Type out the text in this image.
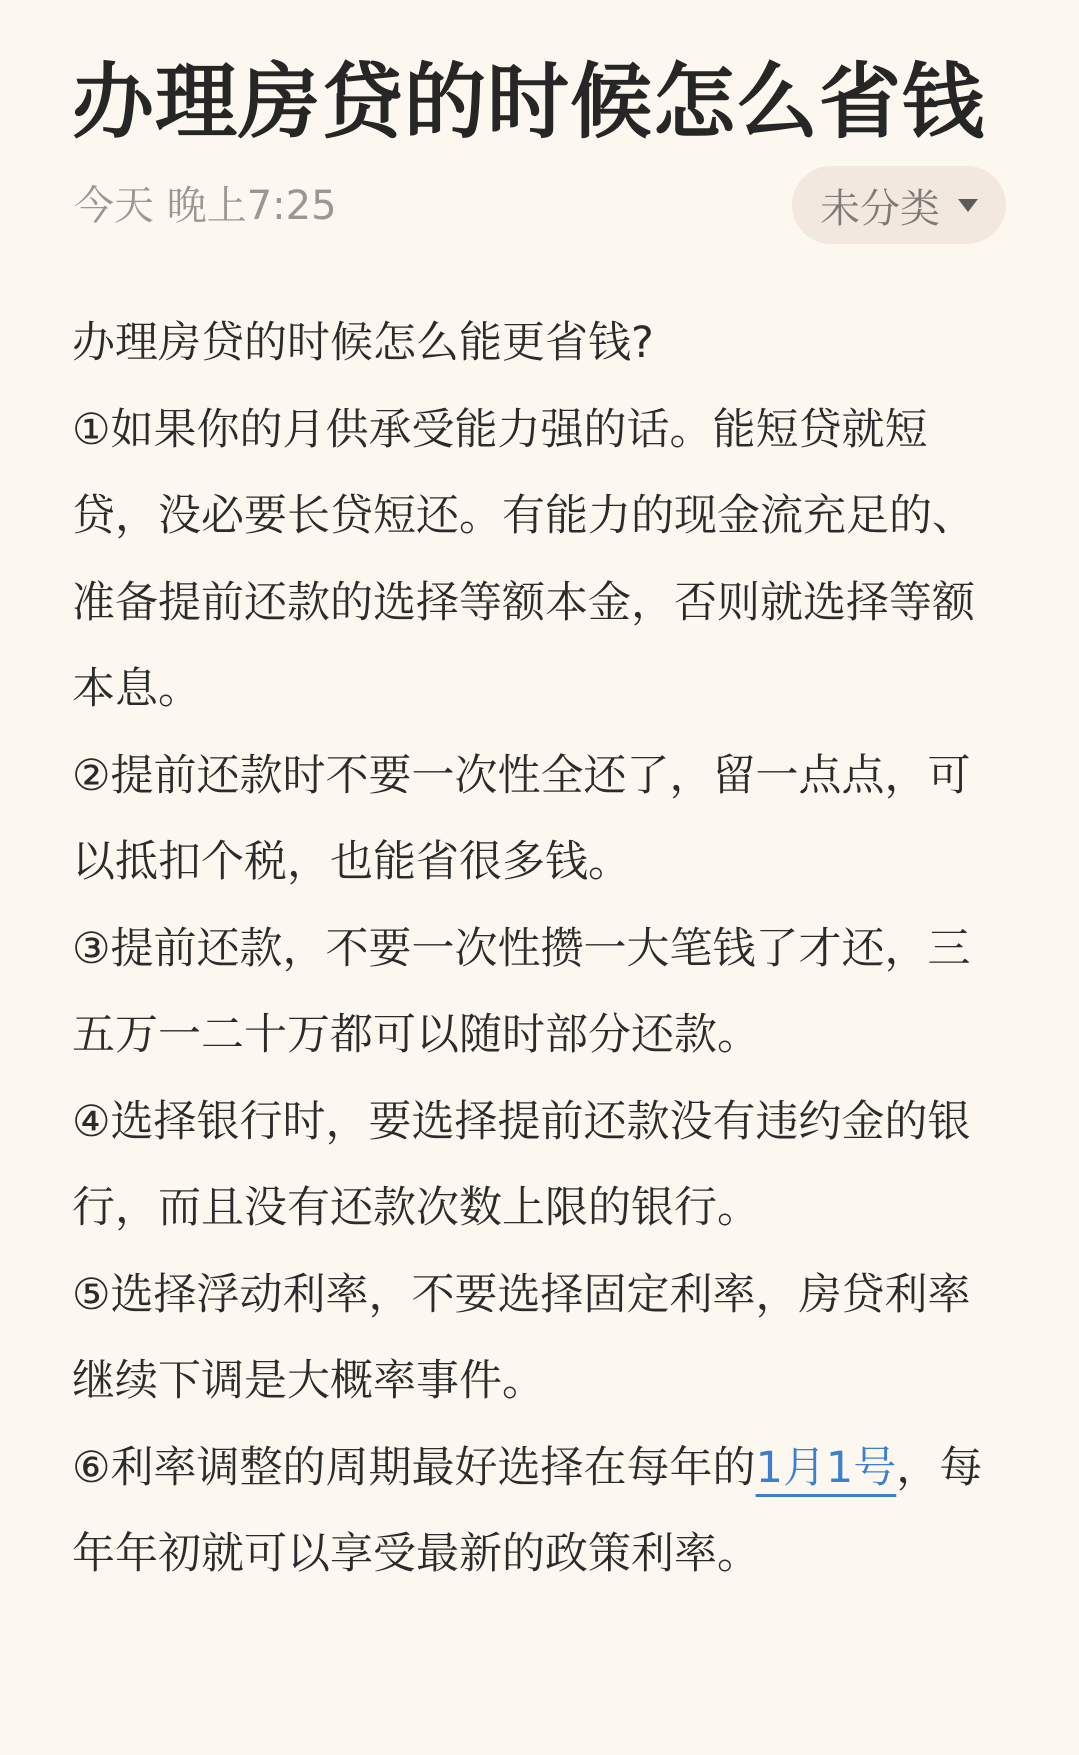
办理房贷的时候怎么省钱
今天 晚上7:25	未分类

办理房贷的时候怎么能更省钱?

①如果你的月供承受能力强的话。能短贷就短贷，没必要长贷短还。有能力的现金流充足的、准备提前还款的选择等额本金，否则就选择等额本息。

②提前还款时不要一次性全还了，留一点点，可以抵扣个税，也能省很多钱。

③提前还款，不要一次性攒一大笔钱了才还，三五万一二十万都可以随时部分还款。

④选择银行时，要选择提前还款没有违约金的银行，而且没有还款次数上限的银行。

⑤选择浮动利率，不要选择固定利率，房贷利率继续下调是大概率事件。

⑥利率调整的周期最好选择在每年的1月1号，每年年初就可以享受最新的政策利率。
